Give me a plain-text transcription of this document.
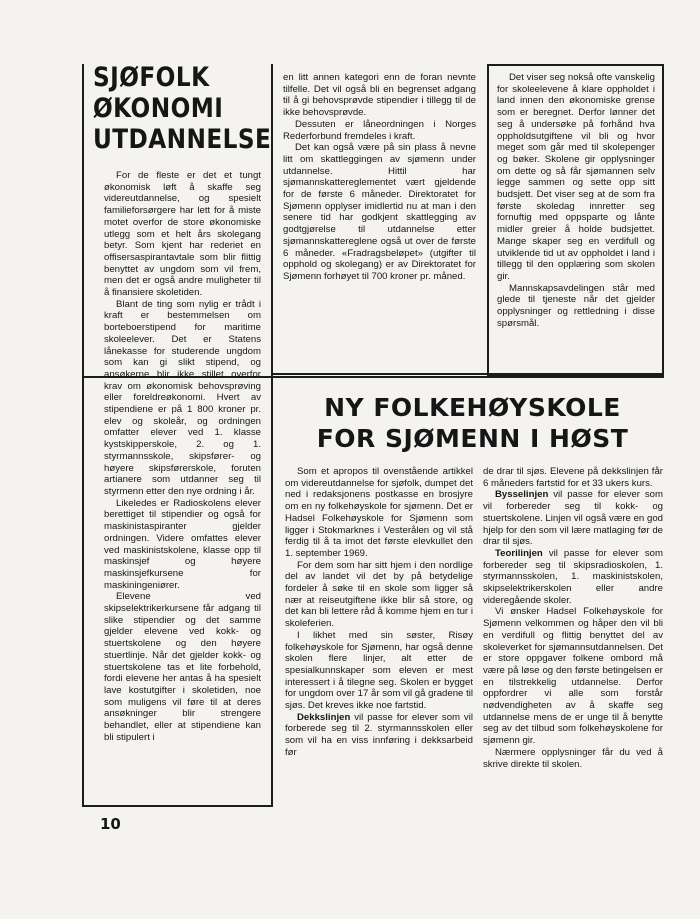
SJØFOLK
ØKONOMI
UTDANNELSE

For de fleste er det et tungt økonomisk løft å skaffe seg videreutdannelse, og spesielt familieforsørgere har lett for å miste motet overfor de store økonomiske utlegg som et helt års skolegang betyr. Som kjent har rederiet en offisersaspirantavtale som blir flittig benyttet av ungdom som vil frem, men det er også andre muligheter til å finansiere skoletiden.

Blant de ting som nylig er trådt i kraft er bestemmelsen om borteboerstipend for maritime skoleelever. Det er Statens lånekasse for studerende ungdom som kan gi slikt stipend, og ansøkerne blir ikke stillet overfor krav om økonomisk behovsprøving eller foreldreøkonomi. Hvert av stipendiene er på 1 800 kroner pr. elev og skoleår, og ordningen omfatter elever ved 1. klasse kystskipperskole, 2. og 1. styrmannsskole, skipsfører- og høyere skipsførerskole, foruten artianere som utdanner seg til styrmenn etter den nye ordning i år.

Likeledes er Radioskolens elever berettiget til stipendier og også for maskinistaspiranter gjelder ordningen. Videre omfattes elever ved maskinistskolene, klasse opp til maskinsjef og høyere maskinsjefkursene for maskiningeniører.

Elevene ved skipselektrikerkursene får adgang til slike stipendier og det samme gjelder elevene ved kokk- og stuertskolene og den høyere stuertlinje. Når det gjelder kokk- og stuertskolene tas et lite forbehold, fordi elevene her antas å ha spesielt lave kostutgifter i skoletiden, noe som muligens vil føre til at deres ansøkninger blir strengere behandlet, eller at stipendiene kan bli stipulert i

en litt annen kategori enn de foran nevnte tilfelle. Det vil også bli en begrenset adgang til å gi behovsprøvde stipendier i tillegg til de ikke behovsprøvde.

Dessuten er låneordningen i Norges Rederforbund fremdeles i kraft.

Det kan også være på sin plass å nevne litt om skattleggingen av sjømenn under utdannelse. Hittil har sjømannskattereglementet vært gjeldende for de første 6 måneder. Direktoratet for Sjømenn opplyser imidlertid nu at man i den senere tid har godkjent skattlegging av godtgjørelse til utdannelse etter sjømannskattereglene også ut over de første 6 måneder. «Fradragsbeløpet» (utgifter til opphold og skolegang) er av Direktoratet for Sjømenn forhøyet til 700 kroner pr. måned.

Det viser seg nokså ofte vanskelig for skoleelevene å klare oppholdet i land innen den økonomiske grense som er beregnet. Derfor lønner det seg å undersøke på forhånd hva oppholdsutgiftene vil bli og hvor meget som går med til skolepenger og bøker. Skolene gir opplysninger om dette og så får sjømannen selv legge sammen og sette opp sitt budsjett. Det viser seg at de som fra første skoledag innretter seg fornuftig med oppsparte og lånte midler greier å holde budsjettet. Mange skaper seg en verdifull og utviklende tid ut av oppholdet i land i tillegg til den opplæring som skolen gir.

Mannskapsavdelingen står med glede til tjeneste når det gjelder opplysninger og rettledning i disse spørsmål.

NY FOLKEHØYSKOLE
FOR SJØMENN I HØST

Som et apropos til ovenstående artikkel om videreutdannelse for sjøfolk, dumpet det ned i redaksjonens postkasse en brosjyre om en ny folkehøyskole for sjømenn. Det er Hadsel Folkehøyskole for Sjømenn som ligger i Stokmarknes i Vesterålen og vil stå ferdig til å ta imot det første elevkullet den 1. september 1969.

For dem som har sitt hjem i den nordlige del av landet vil det by på betydelige fordeler å søke til en skole som ligger så nær at reiseutgiftene ikke blir så store, og det kan bli lettere råd å komme hjem en tur i skoleferien.

I likhet med sin søster, Risøy folkehøyskole for Sjømenn, har også denne skolen flere linjer, alt etter de spesialkunnskaper som eleven er mest interessert i å tilegne seg. Skolen er bygget for ungdom over 17 år som vil gå gradene til sjøs. Det kreves ikke noe fartstid.

Dekkslinjen vil passe for elever som vil forberede seg til 2. styrmannsskolen eller som vil ha en viss innføring i dekksarbeid før

de drar til sjøs. Elevene på dekkslinjen får 6 måneders fartstid for et 33 ukers kurs.

Bysselinjen vil passe for elever som vil forbereder seg til kokk- og stuertskolene. Linjen vil også være en god hjelp for den som vil lære matlaging før de drar til sjøs.

Teorilinjen vil passe for elever som forbereder seg til skipsradioskolen, 1. styrmannsskolen, 1. maskinistskolen, skipselektrikerskolen eller andre videregående skoler.

Vi ønsker Hadsel Folkehøyskole for Sjømenn velkommen og håper den vil bli en verdifull og flittig benyttet del av skoleverket for sjømannsutdannelsen. Det er store oppgaver folkene ombord må være på løse og den første betingelsen er en tilstrekkelig utdannelse. Derfor oppfordrer vi alle som forstår nødvendigheten av å skaffe seg utdannelse mens de er unge til å benytte seg av det tilbud som folkehøyskolene for sjømenn gir.

Nærmere opplysninger får du ved å skrive direkte til skolen.

10
